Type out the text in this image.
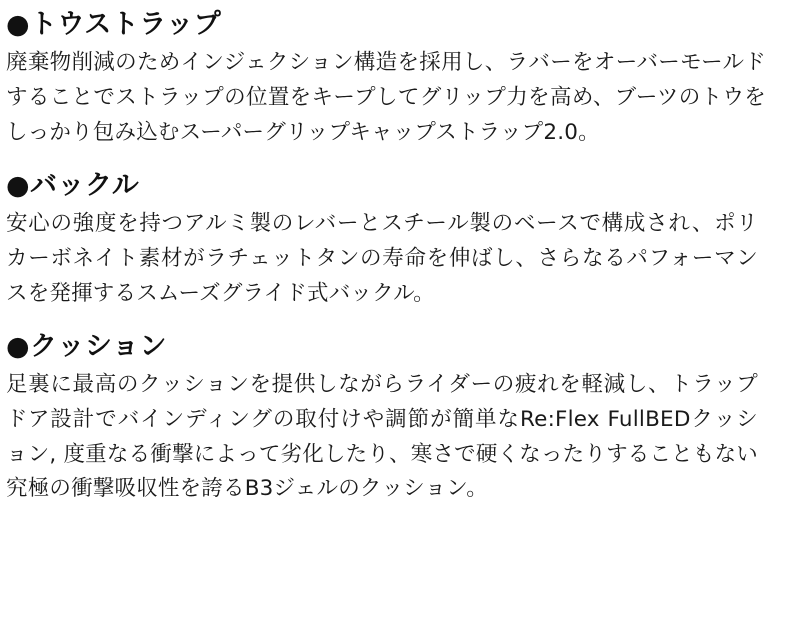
●トウストラップ

廃棄物削減のためインジェクション構造を採用し、ラバーをオーバーモールドすることでストラップの位置をキープしてグリップ力を高め、ブーツのトウをしっかり包み込むスーパーグリップキャップストラップ2.0。

●バックル

安心の強度を持つアルミ製のレバーとスチール製のベースで構成され、ポリカーボネイト素材がラチェットタンの寿命を伸ばし、さらなるパフォーマンスを発揮するスムーズグライド式バックル。

●クッション

足裏に最高のクッションを提供しながらライダーの疲れを軽減し、トラップドア設計でバインディングの取付けや調節が簡単なRe:Flex FullBEDクッション, 度重なる衝撃によって劣化したり、寒さで硬くなったりすることもない究極の衝撃吸収性を誇るB3ジェルのクッション。
